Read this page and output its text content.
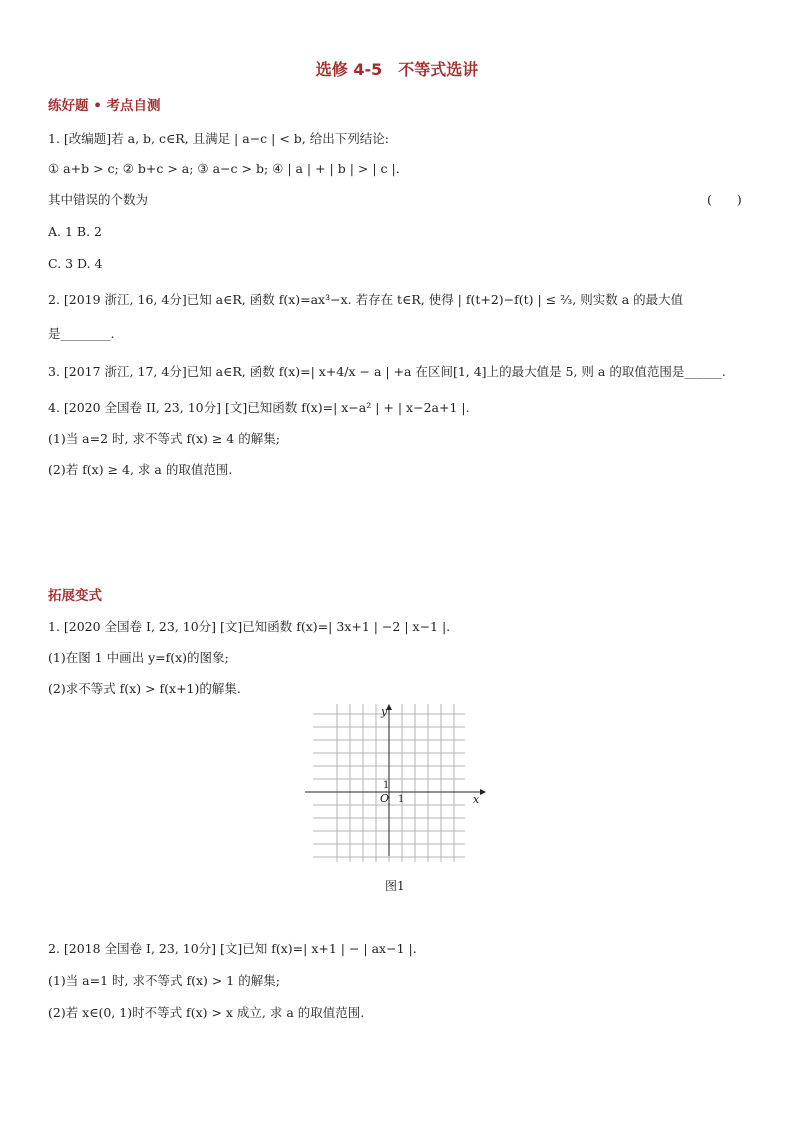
选修 4-5　不等式选讲
练好题 • 考点自测
1. [改编题]若 a, b, c∈R, 且满足 | a−c | < b, 给出下列结论:
① a+b > c; ② b+c > a; ③ a−c > b; ④ | a | + | b | > | c |.
其中错误的个数为	(　　)
A. 1 B. 2
C. 3 D. 4
2. [2019 浙江, 16, 4分]已知 a∈R, 函数 f(x)=ax³−x. 若存在 t∈R, 使得 | f(t+2)−f(t) | ≤ ⅔, 则实数 a 的最大值
是________.
3. [2017 浙江, 17, 4分]已知 a∈R, 函数 f(x)=| x+4/x − a | +a 在区间[1, 4]上的最大值是 5, 则 a 的取值范围是______.
4. [2020 全国卷 II, 23, 10分] [文]已知函数 f(x)=| x−a² | + | x−2a+1 |.
(1)当 a=2 时, 求不等式 f(x) ≥ 4 的解集;
(2)若 f(x) ≥ 4, 求 a 的取值范围.
拓展变式
1. [2020 全国卷 I, 23, 10分] [文]已知函数 f(x)=| 3x+1 | −2 | x−1 |.
(1)在图 1 中画出 y=f(x)的图象;
(2)求不等式 f(x) > f(x+1)的解集.
x
y
O 1
1
图1
2. [2018 全国卷 I, 23, 10分] [文]已知 f(x)=| x+1 | − | ax−1 |.
(1)当 a=1 时, 求不等式 f(x) > 1 的解集;
(2)若 x∈(0, 1)时不等式 f(x) > x 成立, 求 a 的取值范围.
